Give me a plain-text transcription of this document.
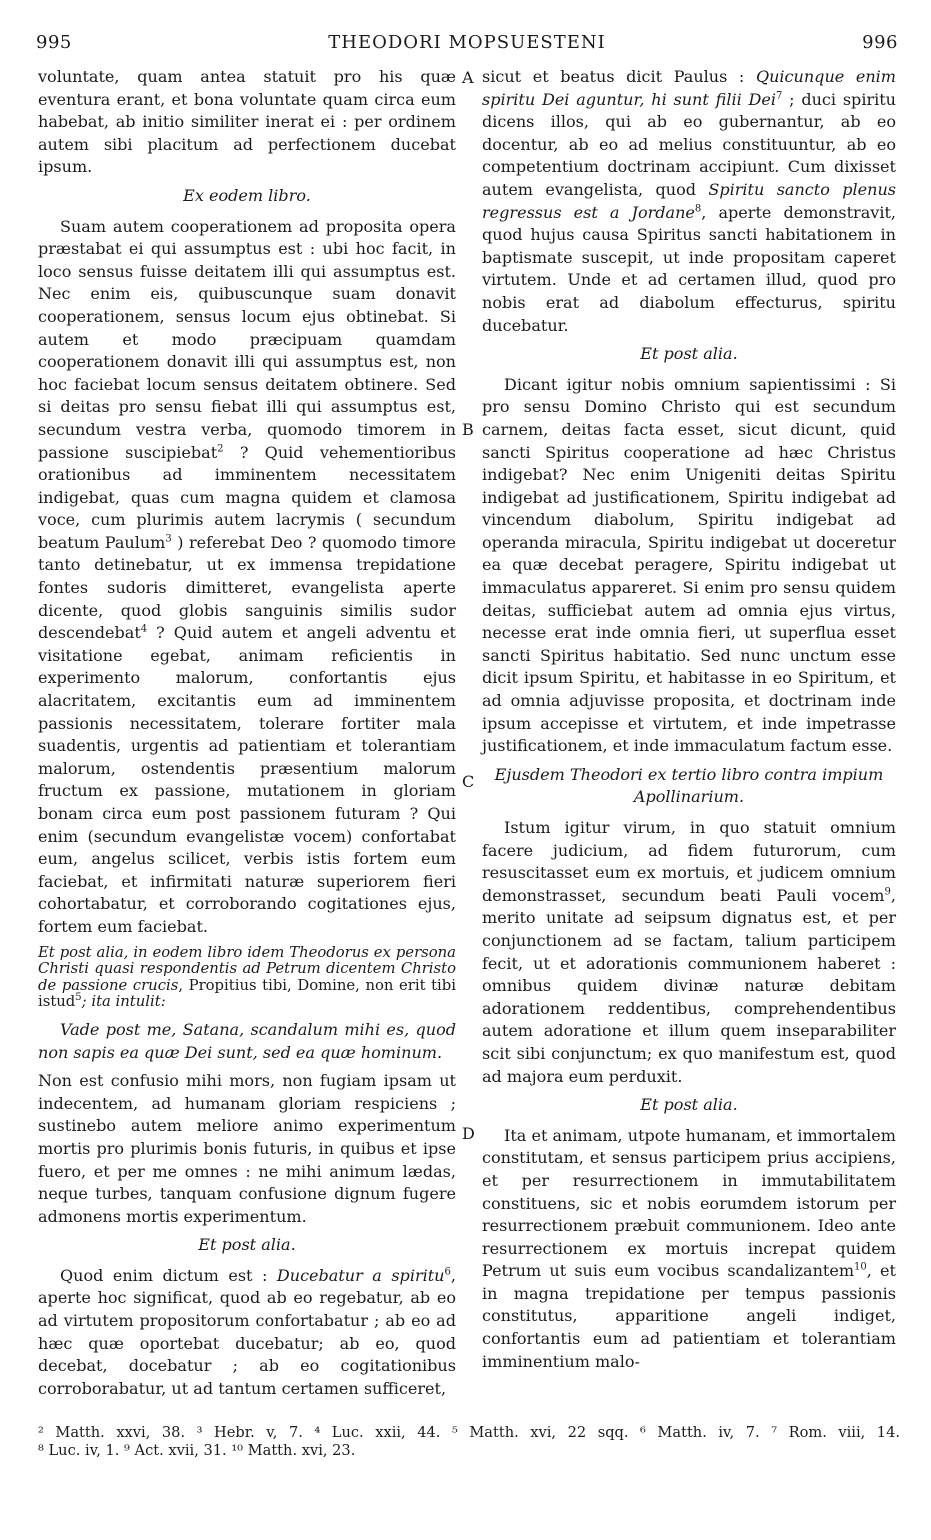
995	THEODORI MOPSUESTENI	996
A
B
C
D

voluntate, quam antea statuit pro his quæ eventura erant, et bona voluntate quam circa eum habebat, ab initio similiter inerat ei : per ordinem autem sibi placitum ad perfectionem ducebat ipsum.

Ex eodem libro.

Suam autem cooperationem ad proposita opera præstabat ei qui assumptus est : ubi hoc facit, in loco sensus fuisse deitatem illi qui assumptus est. Nec enim eis, quibuscunque suam donavit cooperationem, sensus locum ejus obtinebat. Si autem et modo præcipuam quamdam cooperationem donavit illi qui assumptus est, non hoc faciebat locum sensus deitatem obtinere. Sed si deitas pro sensu fiebat illi qui assumptus est, secundum vestra verba, quomodo timorem in passione suscipiebat$^2$ ? Quid vehementioribus orationibus ad imminentem necessitatem indigebat, quas cum magna quidem et clamosa voce, cum plurimis autem lacrymis ( secundum beatum Paulum$^3$ ) referebat Deo ? quomodo timore tanto detinebatur, ut ex immensa trepidatione fontes sudoris dimitteret, evangelista aperte dicente, quod globis sanguinis similis sudor descendebat$^4$ ? Quid autem et angeli adventu et visitatione egebat, animam reficientis in experimento malorum, confortantis ejus alacritatem, excitantis eum ad imminentem passionis necessitatem, tolerare fortiter mala suadentis, urgentis ad patientiam et tolerantiam malorum, ostendentis præsentium malorum fructum ex passione, mutationem in gloriam bonam circa eum post passionem futuram ? Qui enim (secundum evangelistæ vocem) confortabat eum, angelus scilicet, verbis istis fortem eum faciebat, et infirmitati naturæ superiorem fieri cohortabatur, et corroborando cogitationes ejus, fortem eum faciebat.

Et post alia, in eodem libro idem Theodorus ex persona Christi quasi respondentis ad Petrum dicentem Christo de passione crucis, Propitius tibi, Domine, non erit tibi istud$^5$; ita intulit:

Vade post me, Satana, scandalum mihi es, quod non sapis ea quæ Dei sunt, sed ea quæ hominum.

Non est confusio mihi mors, non fugiam ipsam ut indecentem, ad humanam gloriam respiciens ; sustinebo autem meliore animo experimentum mortis pro plurimis bonis futuris, in quibus et ipse fuero, et per me omnes : ne mihi animum lædas, neque turbes, tanquam confusione dignum fugere admonens mortis experimentum.

Et post alia.

Quod enim dictum est : Ducebatur a spiritu$^6$, aperte hoc significat, quod ab eo regebatur, ab eo ad virtutem propositorum confortabatur ; ab eo ad hæc quæ oportebat ducebatur; ab eo, quod decebat, docebatur ; ab eo cogitationibus corroborabatur, ut ad tantum certamen sufficeret,

sicut et beatus dicit Paulus : Quicunque enim spiritu Dei aguntur, hi sunt filii Dei$^7$ ; duci spiritu dicens illos, qui ab eo gubernantur, ab eo docentur, ab eo ad melius constituuntur, ab eo competentium doctrinam accipiunt. Cum dixisset autem evangelista, quod Spiritu sancto plenus regressus est a Jordane$^8$, aperte demonstravit, quod hujus causa Spiritus sancti habitationem in baptismate suscepit, ut inde propositam caperet virtutem. Unde et ad certamen illud, quod pro nobis erat ad diabolum effecturus, spiritu ducebatur.

Et post alia.

Dicant igitur nobis omnium sapientissimi : Si pro sensu Domino Christo qui est secundum carnem, deitas facta esset, sicut dicunt, quid sancti Spiritus cooperatione ad hæc Christus indigebat? Nec enim Unigeniti deitas Spiritu indigebat ad justificationem, Spiritu indigebat ad vincendum diabolum, Spiritu indigebat ad operanda miracula, Spiritu indigebat ut doceretur ea quæ decebat peragere, Spiritu indigebat ut immaculatus appareret. Si enim pro sensu quidem deitas, sufficiebat autem ad omnia ejus virtus, necesse erat inde omnia fieri, ut superflua esset sancti Spiritus habitatio. Sed nunc unctum esse dicit ipsum Spiritu, et habitasse in eo Spiritum, et ad omnia adjuvisse proposita, et doctrinam inde ipsum accepisse et virtutem, et inde impetrasse justificationem, et inde immaculatum factum esse.

Ejusdem Theodori ex tertio libro contra impium Apollinarium.

Istum igitur virum, in quo statuit omnium facere judicium, ad fidem futurorum, cum resuscitasset eum ex mortuis, et judicem omnium demonstrasset, secundum beati Pauli vocem$^9$, merito unitate ad seipsum dignatus est, et per conjunctionem ad se factam, talium participem fecit, ut et adorationis communionem haberet : omnibus quidem divinæ naturæ debitam adorationem reddentibus, comprehendentibus autem adoratione et illum quem inseparabiliter scit sibi conjunctum; ex quo manifestum est, quod ad majora eum perduxit.

Et post alia.

Ita et animam, utpote humanam, et immortalem constitutam, et sensus participem prius accipiens, et per resurrectionem in immutabilitatem constituens, sic et nobis eorumdem istorum per resurrectionem præbuit communionem. Ideo ante resurrectionem ex mortuis increpat quidem Petrum ut suis eum vocibus scandalizantem$^{10}$, et in magna trepidatione per tempus passionis constitutus, apparitione angeli indiget, confortantis eum ad patientiam et tolerantiam imminentium malo-

² Matth. xxvi, 38. ³ Hebr. v, 7. ⁴ Luc. xxii, 44. ⁵ Matth. xvi, 22 sqq. ⁶ Matth. iv, 7. ⁷ Rom. viii, 14.
⁸ Luc. iv, 1. ⁹ Act. xvii, 31. ¹⁰ Matth. xvi, 23.
